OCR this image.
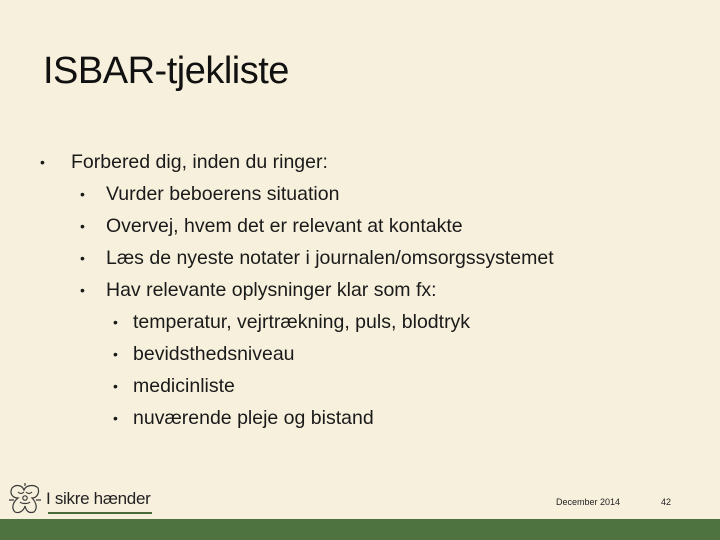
ISBAR-tjekliste
• Forbered dig, inden du ringer:
• Vurder beboerens situation
• Overvej, hvem det er relevant at kontakte
• Læs de nyeste notater i journalen/omsorgssystemet
• Hav relevante oplysninger klar som fx:
• temperatur, vejrtrækning, puls, blodtryk
• bevidsthedsniveau
• medicinliste
• nuværende pleje og bistand
I sikre hænder	December 2014	42
